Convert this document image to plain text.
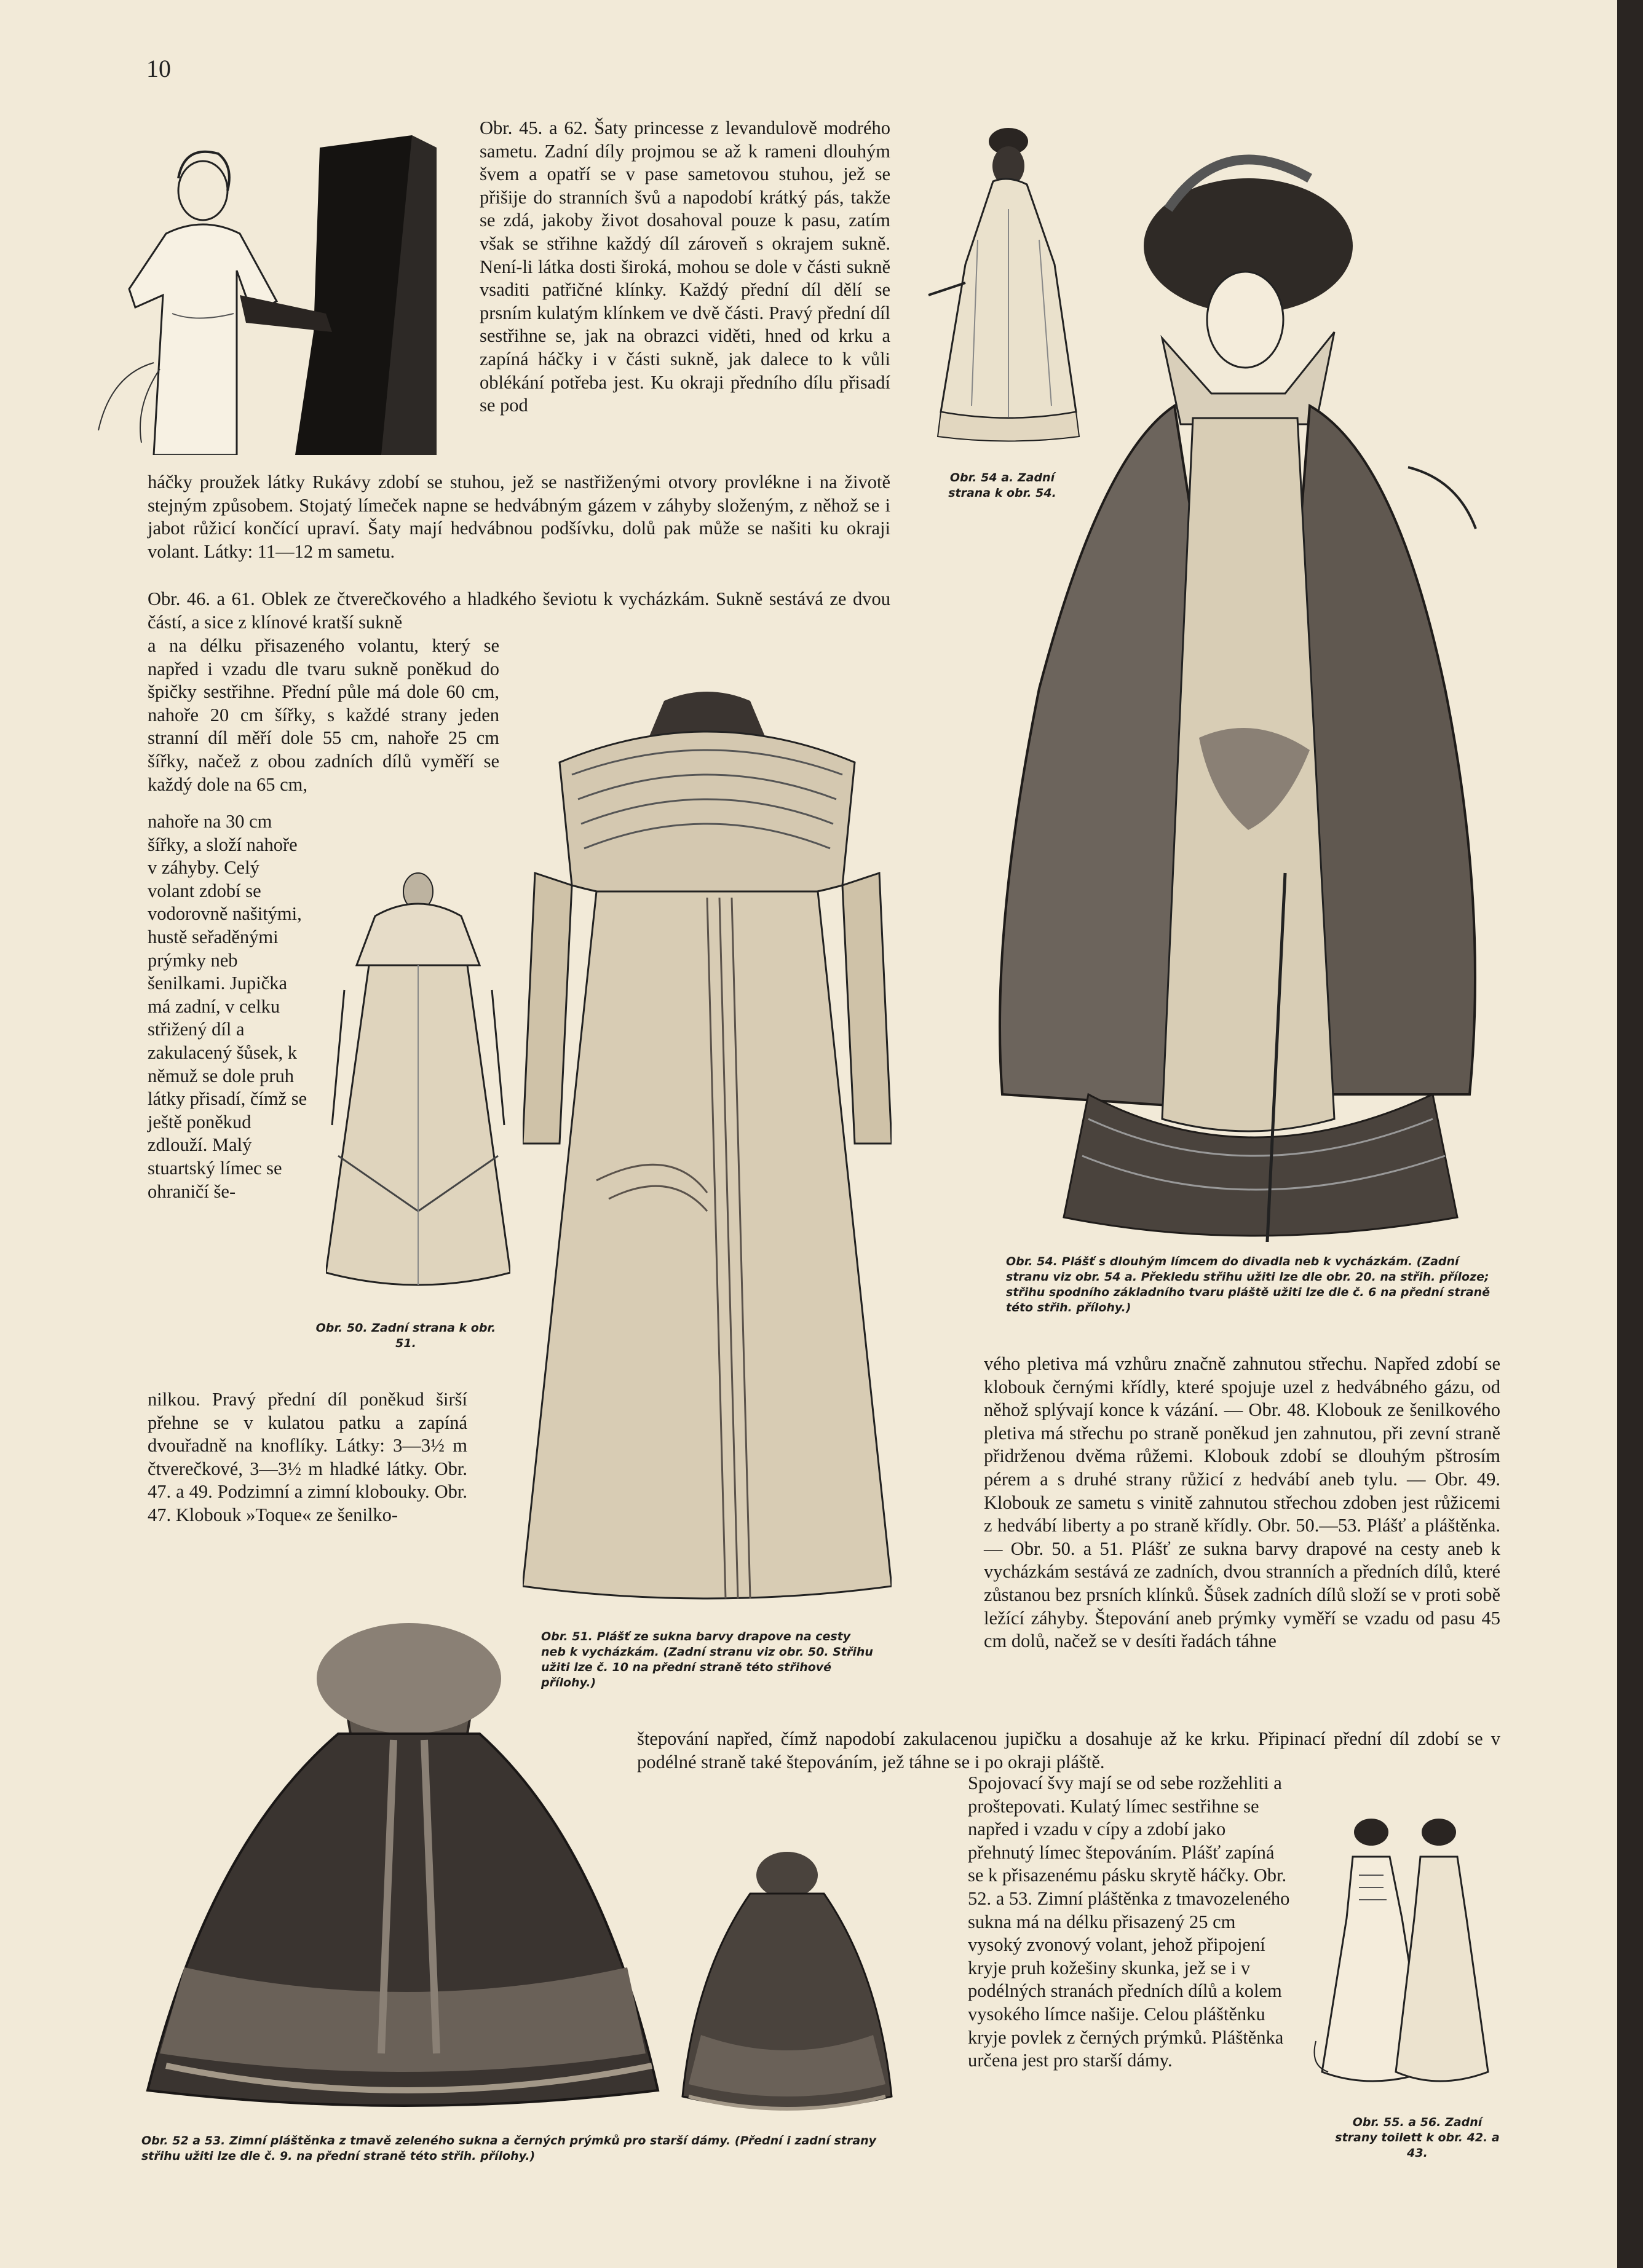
10

Obr. 45. a 62. Šaty princesse z levandulově modrého sametu. Zadní díly projmou se až k rameni dlouhým švem a opatří se v pase sametovou stuhou, jež se přišije do stranních švů a napodobí krátký pás, takže se zdá, jakoby život dosahoval pouze k pasu, zatím však se střihne každý díl zároveň s okrajem sukně. Není-li látka dosti široká, mohou se dole v části sukně vsaditi patřičné klínky. Každý přední díl dělí se prsním kulatým klínkem ve dvě části. Pravý přední díl sestřihne se, jak na obrazci viděti, hned od krku a zapíná háčky i v části sukně, jak dalece to k vůli oblékání potřeba jest. Ku okraji předního dílu přisadí se pod

háčky proužek látky Rukávy zdobí se stuhou, jež se nastřiženými otvory provlékne i na životě stejným způsobem. Stojatý límeček napne se hedvábným gázem v záhyby složeným, z něhož se i jabot růžicí končící upraví. Šaty mají hedvábnou podšívku, dolů pak může se našiti ku okraji volant. Látky: 11—12 m sametu.

Obr. 46. a 61. Oblek ze čtverečkového a hladkého ševiotu k vycházkám. Sukně sestává ze dvou částí, a sice z klínové kratší sukně

a na délku přisazeného volantu, který se napřed i vzadu dle tvaru sukně poněkud do špičky sestřihne. Přední půle má dole 60 cm, nahoře 20 cm šířky, s každé strany jeden stranní díl měří dole 55 cm, nahoře 25 cm šířky, načež z obou zadních dílů vyměří se každý dole na 65 cm,

nahoře na 30 cm šířky, a složí nahoře v záhyby. Celý volant zdobí se vodorovně našitými, hustě seřaděnými prýmky neb šenilkami. Jupička má zadní, v celku střižený díl a zakulacený šůsek, k němuž se dole pruh látky přisadí, čímž se ještě poněkud zdlouží. Malý stuartský límec se ohraničí še-

nilkou. Pravý přední díl poněkud širší přehne se v kulatou patku a zapíná dvouřadně na knoflíky. Látky: 3—3½ m čtverečkové, 3—3½ m hladké látky. Obr. 47. a 49. Podzimní a zimní klobouky. Obr. 47. Klobouk »Toque« ze šenilko-

vého pletiva má vzhůru značně zahnutou střechu. Napřed zdobí se klobouk černými křídly, které spojuje uzel z hedvábného gázu, od něhož splývají konce k vázání. — Obr. 48. Klobouk ze šenilkového pletiva má střechu po straně poněkud jen zahnutou, při zevní straně přidrženou dvěma růžemi. Klobouk zdobí se dlouhým pštrosím pérem a s druhé strany růžicí z hedvábí aneb tylu. — Obr. 49. Klobouk ze sametu s vinitě zahnutou střechou zdoben jest růžicemi z hedvábí liberty a po straně křídly. Obr. 50.—53. Plášť a pláštěnka. — Obr. 50. a 51. Plášť ze sukna barvy drapové na cesty aneb k vycházkám sestává ze zadních, dvou stranních a předních dílů, které zůstanou bez prsních klínků. Šůsek zadních dílů složí se v proti sobě ležící záhyby. Štepování aneb prýmky vyměří se vzadu od pasu 45 cm dolů, načež se v desíti řadách táhne

štepování napřed, čímž napodobí zakulacenou jupičku a dosahuje až ke krku. Připinací přední díl zdobí se v podélné straně také štepováním, jež táhne se i po okraji pláště.

Spojovací švy mají se od sebe rozžehliti a proštepovati. Kulatý límec sestřihne se napřed i vzadu v cípy a zdobí jako přehnutý límec štepováním. Plášť zapíná se k přisazenému pásku skrytě háčky. Obr. 52. a 53. Zimní pláštěnka z tmavozeleného sukna má na délku přisazený 25 cm vysoký zvonový volant, jehož připojení kryje pruh kožešiny skunka, jež se i v podélných stranách předních dílů a kolem vysokého límce našije. Celou pláštěnku kryje povlek z černých prýmků. Pláštěnka určena jest pro starší dámy.

Obr. 54 a. Zadní strana k obr. 54.

Obr. 54. Plášť s dlouhým límcem do divadla neb k vycházkám. (Zadní stranu viz obr. 54 a. Překledu střihu užiti lze dle obr. 20. na střih. příloze; střihu spodního základního tvaru pláště užiti lze dle č. 6 na přední straně této střih. přílohy.)

Obr. 50. Zadní strana k obr. 51.

Obr. 51. Plášť ze sukna barvy drapove na cesty neb k vycházkám. (Zadní stranu viz obr. 50. Střihu užiti lze č. 10 na přední straně této střihové přílohy.)

Obr. 52 a 53. Zimní pláštěnka z tmavě zeleného sukna a černých prýmků pro starší dámy. (Přední i zadní strany střihu užiti lze dle č. 9. na přední straně této střih. přílohy.)

Obr. 55. a 56. Zadní strany toilett k obr. 42. a 43.
